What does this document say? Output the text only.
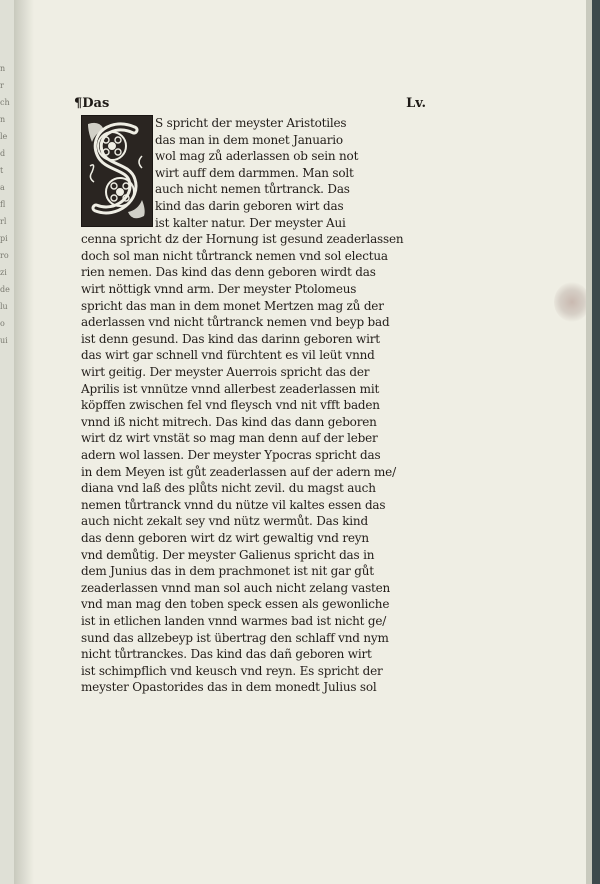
n
r
ch
n
le
d
t
a
fl
rl
pi
ro
zi
de
lu
o
ui
¶Das	Lv.
S spricht der meyster Aristotiles
das man in dem monet Januario
wol mag zů aderlassen ob sein not
wirt auff dem darmmen. Man solt
auch nicht nemen tůrtranck. Das
kind das darin geboren wirt das
ist kalter natur. Der meyster Aui
cenna spricht dz der Hornung ist gesund zeaderlassen
doch sol man nicht tůrtranck nemen vnd sol electua
rien nemen. Das kind das denn geboren wirdt das
wirt nöttigk vnnd arm. Der meyster Ptolomeus
spricht das man in dem monet Mertzen mag zů der
aderlassen vnd nicht tůrtranck nemen vnd beyp bad
ist denn gesund. Das kind das darinn geboren wirt
das wirt gar schnell vnd fürchtent es vil leüt vnnd
wirt geitig. Der meyster Auerrois spricht das der
Aprilis ist vnnütze vnnd allerbest zeaderlassen mit
köpffen zwischen fel vnd fleysch vnd nit vfft baden
vnnd iß nicht mitrech. Das kind das dann geboren
wirt dz wirt vnstät so mag man denn auf der leber
adern wol lassen. Der meyster Ypocras spricht das
in dem Meyen ist gůt zeaderlassen auf der adern me/
diana vnd laß des plůts nicht zevil. du magst auch
nemen tůrtranck vnnd du nütze vil kaltes essen das
auch nicht zekalt sey vnd nütz wermůt. Das kind
das denn geboren wirt dz wirt gewaltig vnd reyn
vnd demůtig. Der meyster Galienus spricht das in
dem Junius das in dem prachmonet ist nit gar gůt
zeaderlassen vnnd man sol auch nicht zelang vasten
vnd man mag den toben speck essen als gewonliche
ist in etlichen landen vnnd warmes bad ist nicht ge/
sund das allzebeyp ist übertrag den schlaff vnd nym
nicht tůrtranckes. Das kind das dañ geboren wirt
ist schimpflich vnd keusch vnd reyn. Es spricht der
meyster Opastorides das in dem monedt Julius sol
